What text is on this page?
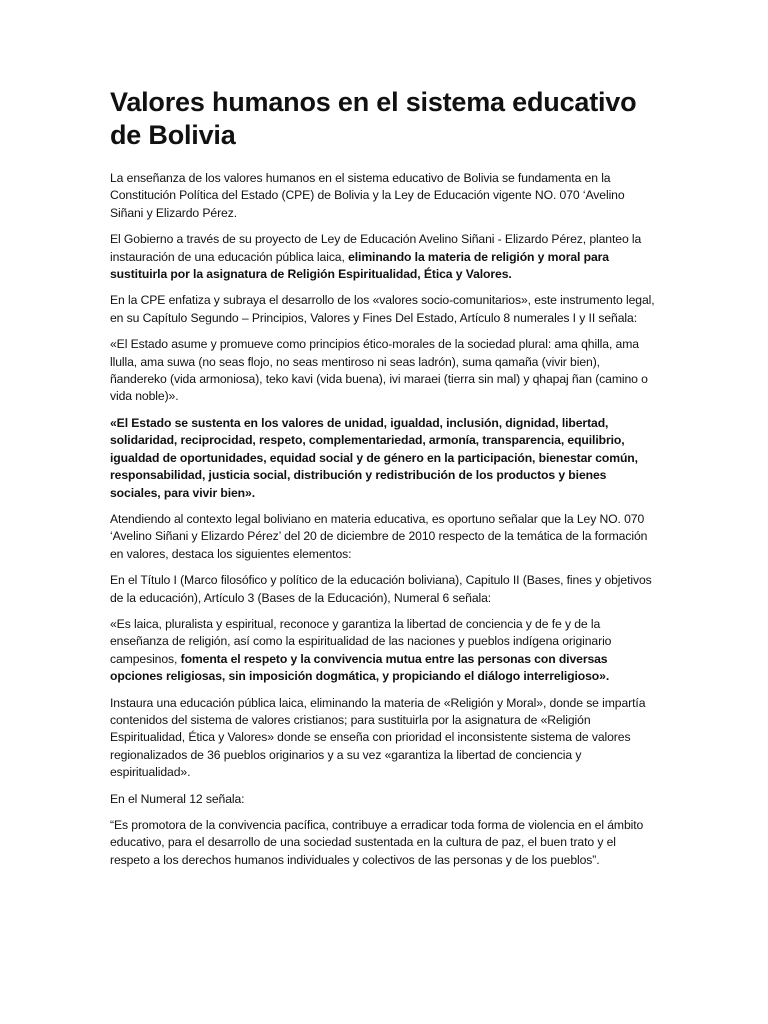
Valores humanos en el sistema educativo de Bolivia

La enseñanza de los valores humanos en el sistema educativo de Bolivia se fundamenta en la Constitución Política del Estado (CPE) de Bolivia y la Ley de Educación vigente NO. 070 ‘Avelino Siñani y Elizardo Pérez.

El Gobierno a través de su proyecto de Ley de Educación Avelino Siñani - Elizardo Pérez, planteo la instauración de una educación pública laica, eliminando la materia de religión y moral para sustituirla por la asignatura de Religión Espiritualidad, Ética y Valores.

En la CPE enfatiza y subraya el desarrollo de los «valores socio-comunitarios», este instrumento legal, en su Capítulo Segundo – Principios, Valores y Fines Del Estado, Artículo 8 numerales I y II señala:

«El Estado asume y promueve como principios ético-morales de la sociedad plural: ama qhilla, ama llulla, ama suwa (no seas flojo, no seas mentiroso ni seas ladrón), suma qamaña (vivir bien), ñandereko (vida armoniosa), teko kavi (vida buena), ivi maraei (tierra sin mal) y qhapaj ñan (camino o vida noble)».

«El Estado se sustenta en los valores de unidad, igualdad, inclusión, dignidad, libertad, solidaridad, reciprocidad, respeto, complementariedad, armonía, transparencia, equilibrio, igualdad de oportunidades, equidad social y de género en la participación, bienestar común, responsabilidad, justicia social, distribución y redistribución de los productos y bienes sociales, para vivir bien».

Atendiendo al contexto legal boliviano en materia educativa, es oportuno señalar que la Ley NO. 070 ‘Avelino Siñani y Elizardo Pérez’ del 20 de diciembre de 2010 respecto de la temática de la formación en valores, destaca los siguientes elementos:

En el Título I (Marco filosófico y político de la educación boliviana), Capitulo II (Bases, fines y objetivos de la educación), Artículo 3 (Bases de la Educación), Numeral 6 señala:

«Es laica, pluralista y espiritual, reconoce y garantiza la libertad de conciencia y de fe y de la enseñanza de religión, así como la espiritualidad de las naciones y pueblos indígena originario campesinos, fomenta el respeto y la convivencia mutua entre las personas con diversas opciones religiosas, sin imposición dogmática, y propiciando el diálogo interreligioso».

Instaura una educación pública laica, eliminando la materia de «Religión y Moral», donde se impartía contenidos del sistema de valores cristianos; para sustituirla por la asignatura de «Religión Espiritualidad, Ética y Valores» donde se enseña con prioridad el inconsistente sistema de valores regionalizados de 36 pueblos originarios y a su vez «garantiza la libertad de conciencia y espiritualidad».

En el Numeral 12 señala:

“Es promotora de la convivencia pacífica, contribuye a erradicar toda forma de violencia en el ámbito educativo, para el desarrollo de una sociedad sustentada en la cultura de paz, el buen trato y el respeto a los derechos humanos individuales y colectivos de las personas y de los pueblos”.
